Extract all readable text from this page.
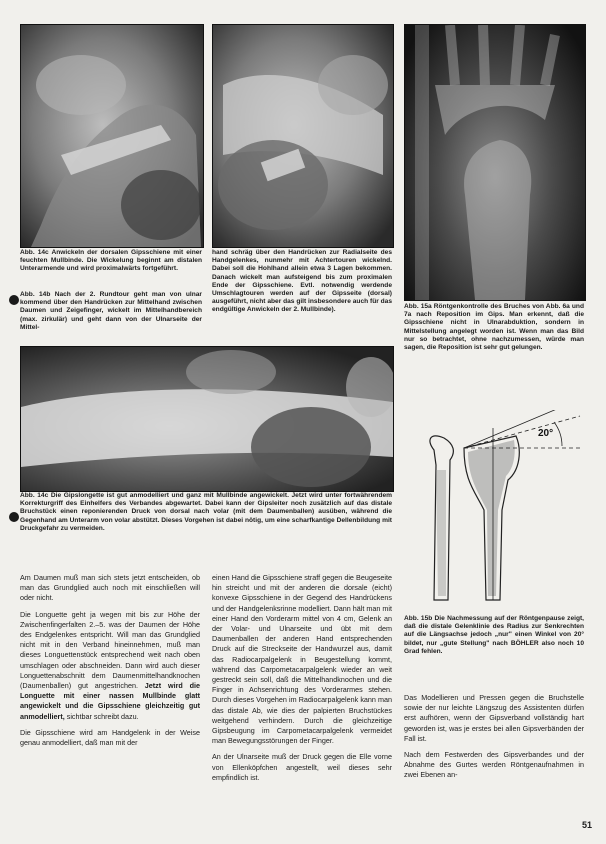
Abb. 14c Anwickeln der dorsalen Gipsschiene mit einer feuchten Mullbinde. Die Wickelung beginnt am distalen Unterarmende und wird proximalwärts fortgeführt.

Abb. 14b Nach der 2. Rundtour geht man von ulnar kommend über den Handrücken zur Mittelhand zwischen Daumen und Zeigefinger, wickelt im Mittelhandbereich (max. zirkulär) und geht dann von der Ulnarseite der Mittel-

hand schräg über den Handrücken zur Radialseite des Handgelenkes, nunmehr mit Achtertouren wickelnd. Dabei soll die Hohlhand allein etwa 3 Lagen bekommen. Danach wickelt man aufsteigend bis zum proximalen Ende der Gipsschiene. Evtl. notwendig werdende Umschlagtouren werden auf der Gipsseite (dorsal) ausgeführt, nicht aber das gilt insbesondere auch für das endgültige Anwickeln der 2. Mullbinde).	Abb. 15a Röntgenkontrolle des Bruches von Abb. 6a und 7a nach Reposition im Gips. Man erkennt, daß die Gipsschiene nicht in Ulnarabduktion, sondern in Mittelstellung angelegt worden ist. Wenn man das Bild nur so betrachtet, ohne nachzumessen, würde man sagen, die Reposition ist sehr gut gelungen.

Abb. 14c Die Gipslongette ist gut anmodelliert und ganz mit Mullbinde angewickelt. Jetzt wird unter fortwährendem Korrekturgriff des Einhelfers des Verbandes abgewartet. Dabei kann der Gipsleiter noch zusätzlich auf das distale Bruchstück einen reponierenden Druck von dorsal nach volar (mit dem Daumenballen) ausüben, während die Gegenhand am Unterarm von volar abstützt. Dieses Vorgehen ist dabei nötig, um eine scharfkantige Dellenbildung mit Druckgefahr zu vermeiden.

20°

Abb. 15b Die Nachmessung auf der Röntgenpause zeigt, daß die distale Gelenklinie des Radius zur Senkrechten auf die Längsachse jedoch „nur" einen Winkel von 20° bildet, nur „gute Stellung" nach BÖHLER also noch 10 Grad fehlen.

Am Daumen muß man sich stets jetzt entscheiden, ob man das Grundglied auch noch mit einschließen will oder nicht.

Die Longuette geht ja wegen mit bis zur Höhe der Zwischenfingerfalten 2.–5. was der Daumen der Höhe des Endgelenkes entspricht. Will man das Grundglied nicht mit in den Verband hineinnehmen, muß man dieses Longuettenstück entsprechend weit nach oben umschlagen oder abschneiden. Dann wird auch dieser Longuettenabschnitt dem Daumenmittelhandknochen (Daumenballen) gut angestrichen. Jetzt wird die Longuette mit einer nassen Mullbinde glatt angewickelt und die Gipsschiene gleichzeitig gut anmodelliert, sichtbar schreibt dazu.

Die Gipsschiene wird am Handgelenk in der Weise genau anmodelliert, daß man mit der

einen Hand die Gipsschiene straff gegen die Beugeseite hin streicht und mit der anderen die dorsale (eicht) konvexe Gipsschiene in der Gegend des Handrückens und der Handgelenksrinne modelliert. Dann hält man mit einer Hand den Vorderarm mittel von 4 cm, Gelenk an der Volar- und Ulnarseite und übt mit dem Daumenballen der anderen Hand entsprechenden Druck auf die Streckseite der Handwurzel aus, damit das Radiocarpalgelenk in Beugestellung kommt, während das Carpometacarpalgelenk wieder an weit gestreckt sein soll, daß die Mittelhandknochen und die Finger in Achsenrichtung des Vorderarmes stehen. Durch dieses Vorgehen im Radiocarpalgelenk kann man das distale Ab, wie dies der palpierten Bruchstückes weitgehend verhindern. Durch die gleichzeitige Gipsbeugung im Carpometacarpalgelenk vermeidet man Bewegungsstörungen der Finger.

An der Ulnarseite muß der Druck gegen die Elle vorne von Ellenköpfchen angestellt, weil dieses sehr empfindlich ist.

Das Modellieren und Pressen gegen die Bruchstelle sowie der nur leichte Längszug des Assistenten dürfen erst aufhören, wenn der Gipsverband vollständig hart geworden ist, was je erstes bei allen Gipsverbänden der Fall ist.

Nach dem Festwerden des Gipsverbandes und der Abnahme des Gurtes werden Röntgenaufnahmen in zwei Ebenen an-

51
